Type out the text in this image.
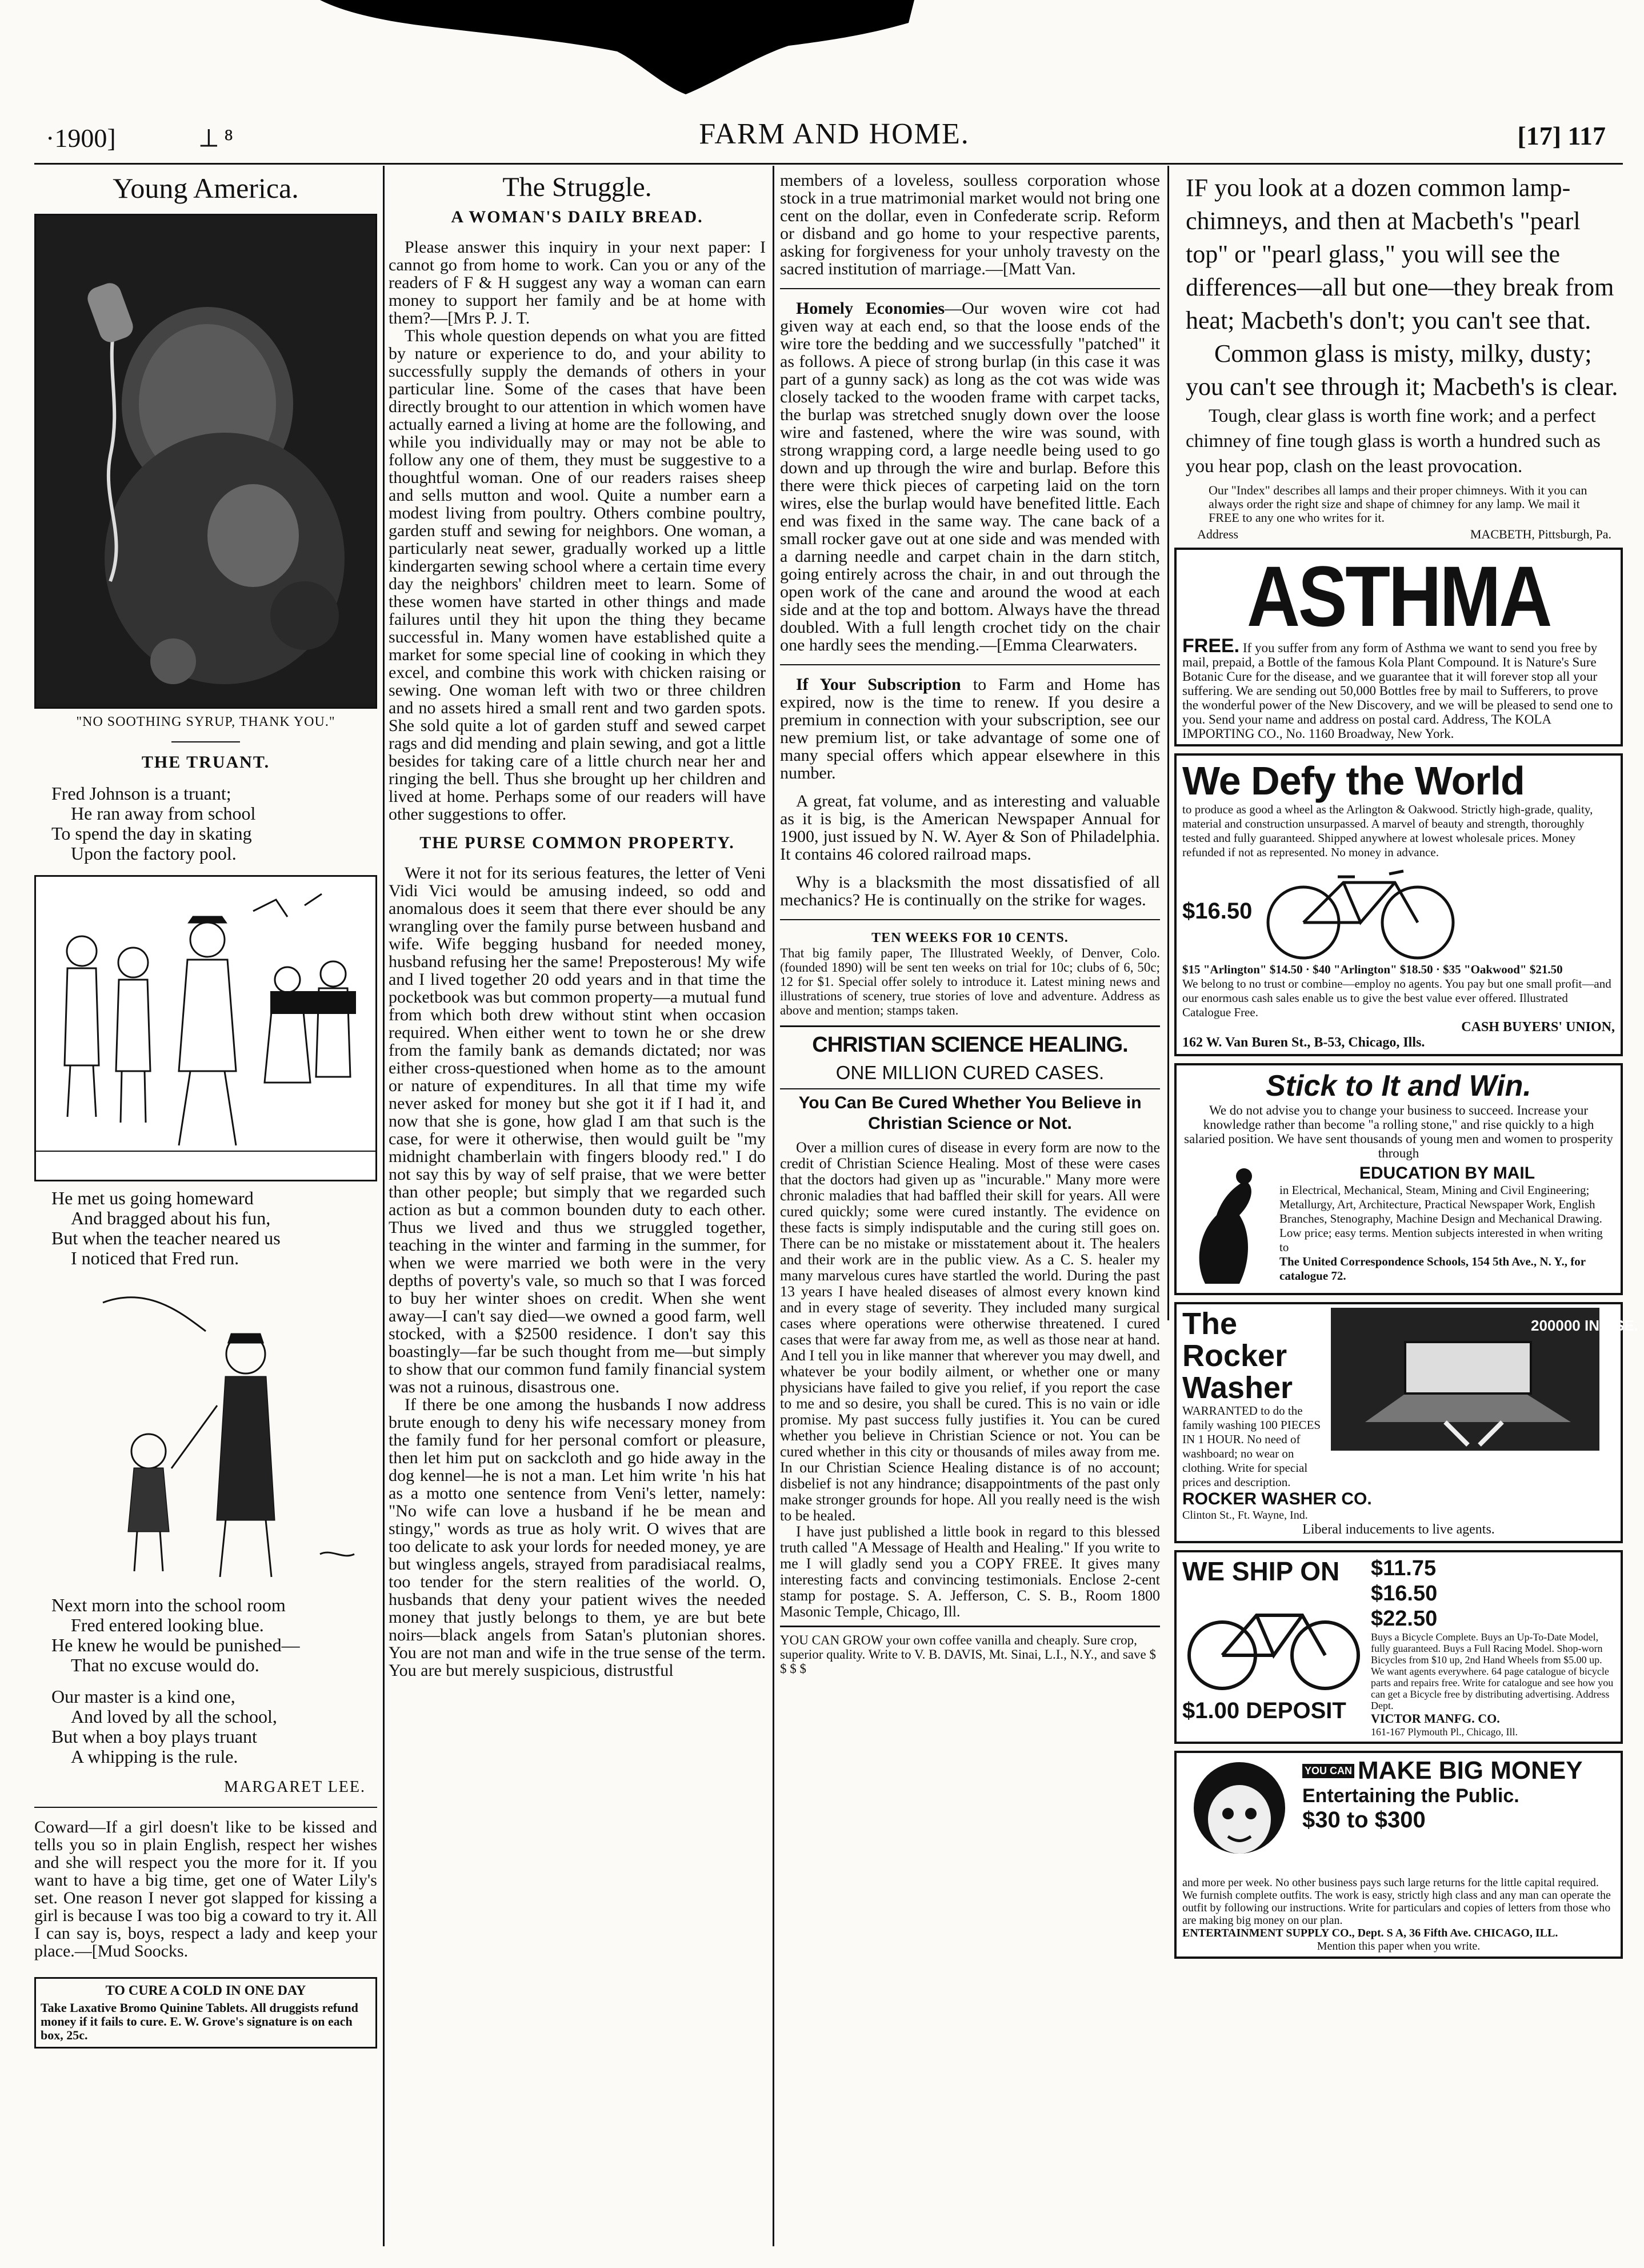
·1900]	⟂ ⁸	FARM AND HOME.	[17] 117
Young America.
"NO SOOTHING SYRUP, THANK YOU."
THE TRUANT.
Fred Johnson is a truant;
He ran away from school
To spend the day in skating
Upon the factory pool.
He met us going homeward
And bragged about his fun,
But when the teacher neared us
I noticed that Fred run.
Next morn into the school room
Fred entered looking blue.
He knew he would be punished—
That no excuse would do.
Our master is a kind one,
And loved by all the school,
But when a boy plays truant
A whipping is the rule.
MARGARET LEE.

Coward—If a girl doesn't like to be kissed and tells you so in plain English, respect her wishes and she will respect you the more for it. If you want to have a big time, get one of Water Lily's set. One reason I never got slapped for kissing a girl is because I was too big a coward to try it. All I can say is, boys, respect a lady and keep your place.—[Mud Soocks.

TO CURE A COLD IN ONE DAY
Take Laxative Bromo Quinine Tablets. All druggists refund money if it fails to cure. E. W. Grove's signature is on each box, 25c.
The Struggle.
A WOMAN'S DAILY BREAD.

Please answer this inquiry in your next paper: I cannot go from home to work. Can you or any of the readers of F & H suggest any way a woman can earn money to support her family and be at home with them?—[Mrs P. J. T.

This whole question depends on what you are fitted by nature or experience to do, and your ability to successfully supply the demands of others in your particular line. Some of the cases that have been directly brought to our attention in which women have actually earned a living at home are the following, and while you individually may or may not be able to follow any one of them, they must be suggestive to a thoughtful woman. One of our readers raises sheep and sells mutton and wool. Quite a number earn a modest living from poultry. Others combine poultry, garden stuff and sewing for neighbors. One woman, a particularly neat sewer, gradually worked up a little kindergarten sewing school where a certain time every day the neighbors' children meet to learn. Some of these women have started in other things and made failures until they hit upon the thing they became successful in. Many women have established quite a market for some special line of cooking in which they excel, and combine this work with chicken raising or sewing. One woman left with two or three children and no assets hired a small rent and two garden spots. She sold quite a lot of garden stuff and sewed carpet rags and did mending and plain sewing, and got a little besides for taking care of a little church near her and ringing the bell. Thus she brought up her children and lived at home. Perhaps some of our readers will have other suggestions to offer.

THE PURSE COMMON PROPERTY.

Were it not for its serious features, the letter of Veni Vidi Vici would be amusing indeed, so odd and anomalous does it seem that there ever should be any wrangling over the family purse between husband and wife. Wife begging husband for needed money, husband refusing her the same! Preposterous! My wife and I lived together 20 odd years and in that time the pocketbook was but common property—a mutual fund from which both drew without stint when occasion required. When either went to town he or she drew from the family bank as demands dictated; nor was either cross-questioned when home as to the amount or nature of expenditures. In all that time my wife never asked for money but she got it if I had it, and now that she is gone, how glad I am that such is the case, for were it otherwise, then would guilt be "my midnight chamberlain with fingers bloody red." I do not say this by way of self praise, that we were better than other people; but simply that we regarded such action as but a common bounden duty to each other. Thus we lived and thus we struggled together, teaching in the winter and farming in the summer, for when we were married we both were in the very depths of poverty's vale, so much so that I was forced to buy her winter shoes on credit. When she went away—I can't say died—we owned a good farm, well stocked, with a $2500 residence. I don't say this boastingly—far be such thought from me—but simply to show that our common fund family financial system was not a ruinous, disastrous one.

If there be one among the husbands I now address brute enough to deny his wife necessary money from the family fund for her personal comfort or pleasure, then let him put on sackcloth and go hide away in the dog kennel—he is not a man. Let him write 'n his hat as a motto one sentence from Veni's letter, namely: "No wife can love a husband if he be mean and stingy," words as true as holy writ. O wives that are too delicate to ask your lords for needed money, ye are but wingless angels, strayed from paradisiacal realms, too tender for the stern realities of the world. O, husbands that deny your patient wives the needed money that justly belongs to them, ye are but bete noirs—black angels from Satan's plutonian shores. You are not man and wife in the true sense of the term. You are but merely suspicious, distrustful

members of a loveless, soulless corporation whose stock in a true matrimonial market would not bring one cent on the dollar, even in Confederate scrip. Reform or disband and go home to your respective parents, asking for forgiveness for your unholy travesty on the sacred institution of marriage.—[Matt Van.

Homely Economies—Our woven wire cot had given way at each end, so that the loose ends of the wire tore the bedding and we successfully "patched" it as follows. A piece of strong burlap (in this case it was part of a gunny sack) as long as the cot was wide was closely tacked to the wooden frame with carpet tacks, the burlap was stretched snugly down over the loose wire and fastened, where the wire was sound, with strong wrapping cord, a large needle being used to go down and up through the wire and burlap. Before this there were thick pieces of carpeting laid on the torn wires, else the burlap would have benefited little. Each end was fixed in the same way. The cane back of a small rocker gave out at one side and was mended with a darning needle and carpet chain in the darn stitch, going entirely across the chair, in and out through the open work of the cane and around the wood at each side and at the top and bottom. Always have the thread doubled. With a full length crochet tidy on the chair one hardly sees the mending.—[Emma Clearwaters.

If Your Subscription to Farm and Home has expired, now is the time to renew. If you desire a premium in connection with your subscription, see our new premium list, or take advantage of some one of many special offers which appear elsewhere in this number.

A great, fat volume, and as interesting and valuable as it is big, is the American Newspaper Annual for 1900, just issued by N. W. Ayer & Son of Philadelphia. It contains 46 colored railroad maps.

Why is a blacksmith the most dissatisfied of all mechanics? He is continually on the strike for wages.

TEN WEEKS FOR 10 CENTS.
That big family paper, The Illustrated Weekly, of Denver, Colo. (founded 1890) will be sent ten weeks on trial for 10c; clubs of 6, 50c; 12 for $1. Special offer solely to introduce it. Latest mining news and illustrations of scenery, true stories of love and adventure. Address as above and mention; stamps taken.
CHRISTIAN SCIENCE HEALING.
ONE MILLION CURED CASES.
You Can Be Cured Whether You Believe in Christian Science or Not.

Over a million cures of disease in every form are now to the credit of Christian Science Healing. Most of these were cases that the doctors had given up as "incurable." Many more were chronic maladies that had baffled their skill for years. All were cured quickly; some were cured instantly. The evidence on these facts is simply indisputable and the curing still goes on. There can be no mistake or misstatement about it. The healers and their work are in the public view. As a C. S. healer my many marvelous cures have startled the world. During the past 13 years I have healed diseases of almost every known kind and in every stage of severity. They included many surgical cases where operations were otherwise threatened. I cured cases that were far away from me, as well as those near at hand. And I tell you in like manner that wherever you may dwell, and whatever be your bodily ailment, or whether one or many physicians have failed to give you relief, if you report the case to me and so desire, you shall be cured. This is no vain or idle promise. My past success fully justifies it. You can be cured whether you believe in Christian Science or not. You can be cured whether in this city or thousands of miles away from me. In our Christian Science Healing distance is of no account; disbelief is not any hindrance; disappointments of the past only make stronger grounds for hope. All you really need is the wish to be healed.

I have just published a little book in regard to this blessed truth called "A Message of Health and Healing." If you write to me I will gladly send you a COPY FREE. It gives many interesting facts and convincing testimonials. Enclose 2-cent stamp for postage. S. A. Jefferson, C. S. B., Room 1800 Masonic Temple, Chicago, Ill.

YOU CAN GROW your own coffee vanilla and cheaply. Sure crop, superior quality. Write to V. B. DAVIS, Mt. Sinai, L.I., N.Y., and save $ $ $ $
IF you look at a dozen common lamp-chimneys, and then at Macbeth's "pearl top" or "pearl glass," you will see the differences—all but one—they break from heat; Macbeth's don't; you can't see that.
Common glass is misty, milky, dusty; you can't see through it; Macbeth's is clear.
Tough, clear glass is worth fine work; and a perfect chimney of fine tough glass is worth a hundred such as you hear pop, clash on the least provocation.
Our "Index" describes all lamps and their proper chimneys. With it you can always order the right size and shape of chimney for any lamp. We mail it FREE to any one who writes for it.
Address	MACBETH, Pittsburgh, Pa.
ASTHMA
FREE. If you suffer from any form of Asthma we want to send you free by mail, prepaid, a Bottle of the famous Kola Plant Compound. It is Nature's Sure Botanic Cure for the disease, and we guarantee that it will forever stop all your suffering. We are sending out 50,000 Bottles free by mail to Sufferers, to prove the wonderful power of the New Discovery, and we will be pleased to send one to you. Send your name and address on postal card. Address, The KOLA IMPORTING CO., No. 1160 Broadway, New York.
We Defy the World
to produce as good a wheel as the Arlington & Oakwood. Strictly high-grade, quality, material and construction unsurpassed. A marvel of beauty and strength, thoroughly tested and fully guaranteed. Shipped anywhere at lowest wholesale prices. Money refunded if not as represented. No money in advance.
$16.50
$15 "Arlington" $14.50 · $40 "Arlington" $18.50 · $35 "Oakwood" $21.50
We belong to no trust or combine—employ no agents. You pay but one small profit—and our enormous cash sales enable us to give the best value ever offered. Illustrated Catalogue Free.
CASH BUYERS' UNION,
162 W. Van Buren St., B-53, Chicago, Ills.
Stick to It and Win.
We do not advise you to change your business to succeed. Increase your knowledge rather than become "a rolling stone," and rise quickly to a high salaried position. We have sent thousands of young men and women to prosperity through
EDUCATION BY MAIL
in Electrical, Mechanical, Steam, Mining and Civil Engineering; Metallurgy, Art, Architecture, Practical Newspaper Work, English Branches, Stenography, Machine Design and Mechanical Drawing. Low price; easy terms. Mention subjects interested in when writing to
The United Correspondence Schools, 154 5th Ave., N. Y., for catalogue 72.
The Rocker Washer
WARRANTED to do the family washing 100 PIECES IN 1 HOUR. No need of washboard; no wear on clothing. Write for special prices and description.
200000 IN USE.
ROCKER WASHER CO.
Clinton St., Ft. Wayne, Ind.
Liberal inducements to live agents.
WE SHIP ON
$1.00 DEPOSIT
$11.75
$16.50
$22.50
Buys a Bicycle Complete. Buys an Up-To-Date Model, fully guaranteed. Buys a Full Racing Model. Shop-worn Bicycles from $10 up, 2nd Hand Wheels from $5.00 up. We want agents everywhere. 64 page catalogue of bicycle parts and repairs free. Write for catalogue and see how you can get a Bicycle free by distributing advertising. Address Dept.
VICTOR MANFG. CO.
161-167 Plymouth Pl., Chicago, Ill.
YOU CAN MAKE BIG MONEY
Entertaining the Public.
$30 to $300
and more per week. No other business pays such large returns for the little capital required. We furnish complete outfits. The work is easy, strictly high class and any man can operate the outfit by following our instructions. Write for particulars and copies of letters from those who are making big money on our plan.
ENTERTAINMENT SUPPLY CO., Dept. S A, 36 Fifth Ave. CHICAGO, ILL.
Mention this paper when you write.
